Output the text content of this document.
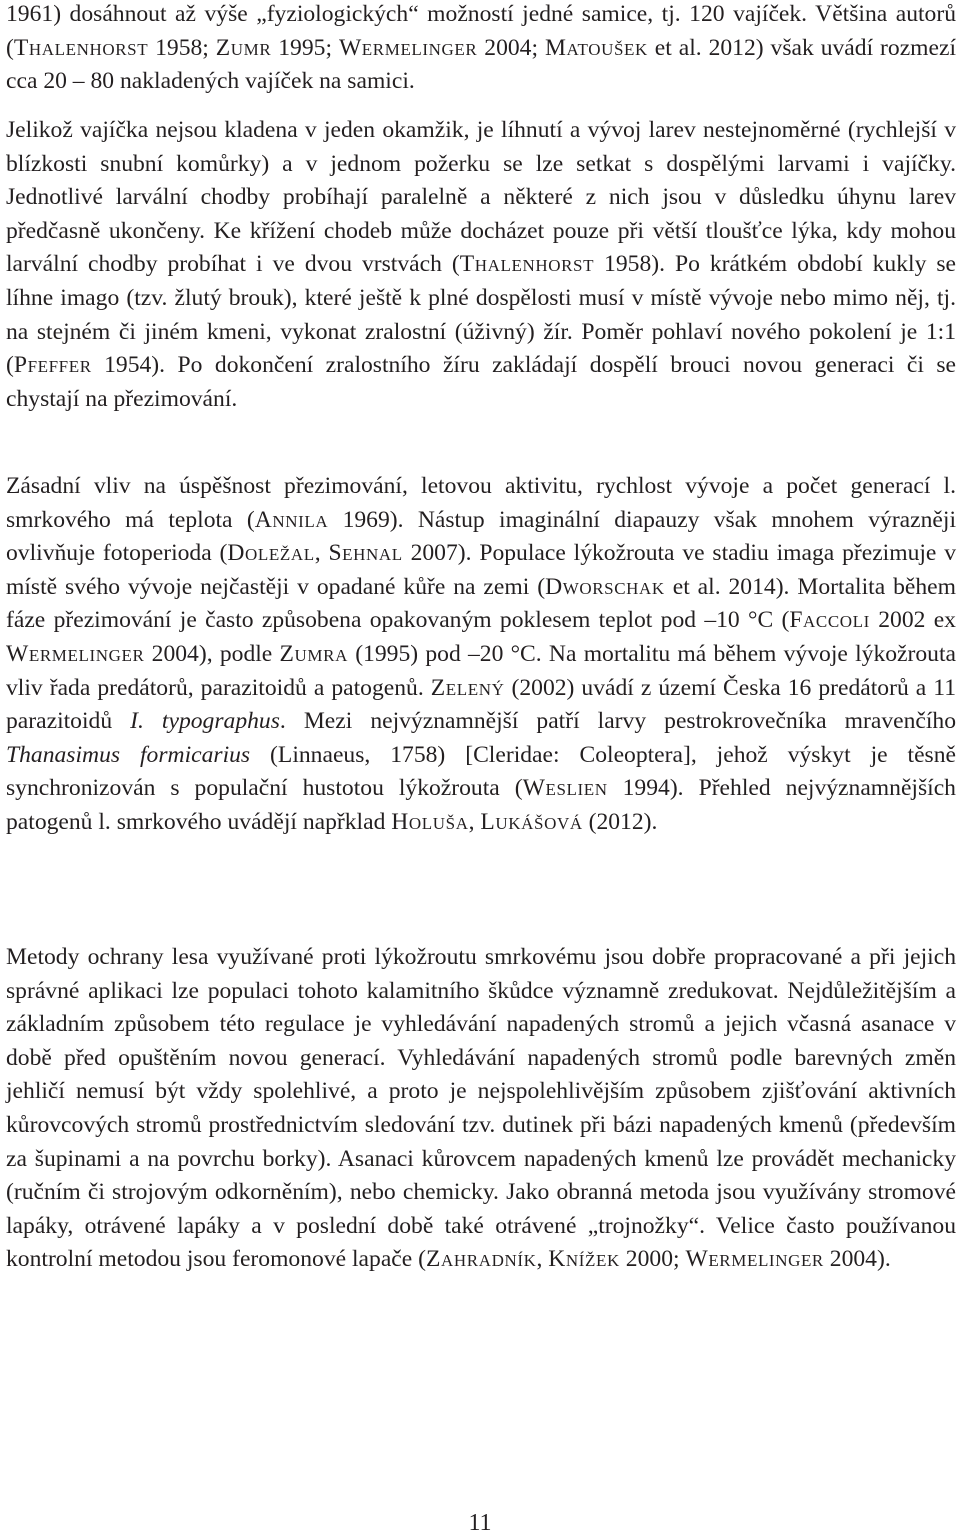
1961) dosáhnout až výše „fyziologických“ možností jedné samice, tj. 120 vajíček. Většina autorů (Thalenhorst 1958; Zumr 1995; Wermelinger 2004; Matoušek et al. 2012) však uvádí rozmezí cca 20 – 80 nakladených vajíček na samici.

Jelikož vajíčka nejsou kladena v jeden okamžik, je líhnutí a vývoj larev nestejnoměrné (rychlejší v blízkosti snubní komůrky) a v jednom požerku se lze setkat s dospělými larvami i vajíčky. Jednotlivé larvální chodby probíhají paralelně a některé z nich jsou v důsledku úhynu larev předčasně ukončeny. Ke křížení chodeb může docházet pouze při větší tloušťce lýka, kdy mohou larvální chodby probíhat i ve dvou vrstvách (Thalenhorst 1958). Po krátkém období kukly se líhne imago (tzv. žlutý brouk), které ještě k plné dospělosti musí v místě vývoje nebo mimo něj, tj. na stejném či jiném kmeni, vykonat zralostní (úživný) žír. Poměr pohlaví nového pokolení je 1:1 (Pfeffer 1954). Po dokončení zralostního žíru zakládají dospělí brouci novou generaci či se chystají na přezimování.

Zásadní vliv na úspěšnost přezimování, letovou aktivitu, rychlost vývoje a počet generací l. smrkového má teplota (Annila 1969). Nástup imaginální diapauzy však mnohem výrazněji ovlivňuje fotoperioda (Doležal, Sehnal 2007). Populace lýkožrouta ve stadiu imaga přezimuje v místě svého vývoje nejčastěji v opadané kůře na zemi (Dworschak et al. 2014). Mortalita během fáze přezimování je často způsobena opakovaným poklesem teplot pod –10 °C (Faccoli 2002 ex Wermelinger 2004), podle Zumra (1995) pod –20 °C. Na mortalitu má během vývoje lýkožrouta vliv řada predátorů, parazitoidů a patogenů. Zelený (2002) uvádí z území Česka 16 predátorů a 11 parazitoidů I. typographus. Mezi nejvýznamnější patří larvy pestrokrovečníka mravenčího Thanasimus formicarius (Linnaeus, 1758) [Cleridae: Coleoptera], jehož výskyt je těsně synchronizován s populační hustotou lýkožrouta (Weslien 1994). Přehled nejvýznamnějších patogenů l. smrkového uvádějí napřklad Holuša, Lukášová (2012).

Metody ochrany lesa využívané proti lýkožroutu smrkovému jsou dobře propracované a při jejich správné aplikaci lze populaci tohoto kalamitního škůdce významně zredukovat. Nejdůležitějším a základním způsobem této regulace je vyhledávání napadených stromů a jejich včasná asanace v době před opuštěním novou generací. Vyhledávání napadených stromů podle barevných změn jehličí nemusí být vždy spolehlivé, a proto je nejspolehlivějším způsobem zjišťování aktivních kůrovcových stromů prostřednictvím sledování tzv. dutinek při bázi napadených kmenů (především za šupinami a na povrchu borky). Asanaci kůrovcem napadených kmenů lze provádět mechanicky (ručním či strojovým odkorněním), nebo chemicky. Jako obranná metoda jsou využívány stromové lapáky, otrávené lapáky a v poslední době také otrávené „trojnožky“. Velice často používanou kontrolní metodou jsou feromonové lapače (Zahradník, Knížek 2000; Wermelinger 2004).

11
